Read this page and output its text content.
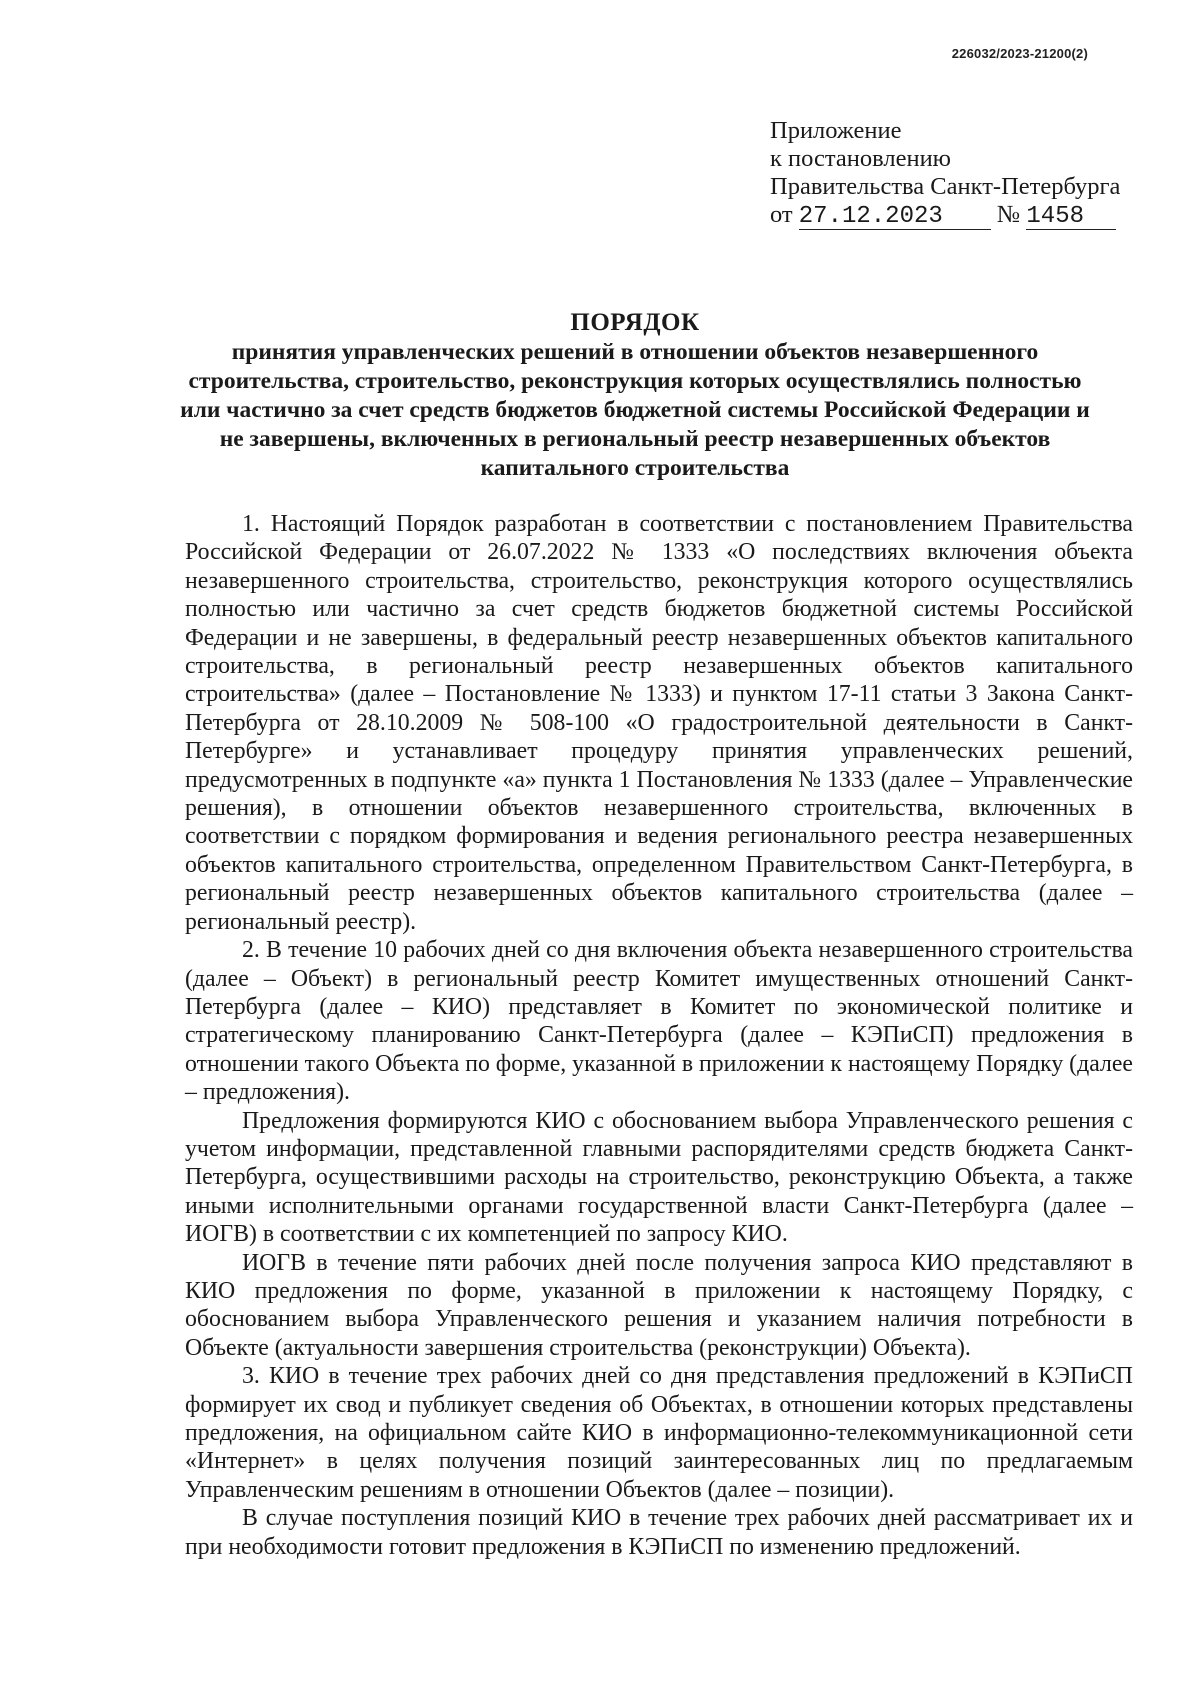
226032/2023-21200(2)
Приложение
к постановлению
Правительства Санкт-Петербурга
от 27.12.2023 № 1458
ПОРЯДОК
принятия управленческих решений в отношении объектов незавершенного строительства, строительство, реконструкция которых осуществлялись полностью или частично за счет средств бюджетов бюджетной системы Российской Федерации и не завершены, включенных в региональный реестр незавершенных объектов капитального строительства

1. Настоящий Порядок разработан в соответствии с постановлением Правительства Российской Федерации от 26.07.2022 № 1333 «О последствиях включения объекта незавершенного строительства, строительство, реконструкция которого осуществлялись полностью или частично за счет средств бюджетов бюджетной системы Российской Федерации и не завершены, в федеральный реестр незавершенных объектов капитального строительства, в региональный реестр незавершенных объектов капитального строительства» (далее – Постановление № 1333) и пунктом 17-11 статьи 3 Закона Санкт-Петербурга от 28.10.2009 № 508-100 «О градостроительной деятельности в Санкт-Петербурге» и устанавливает процедуру принятия управленческих решений, предусмотренных в подпункте «а» пункта 1 Постановления № 1333 (далее – Управленческие решения), в отношении объектов незавершенного строительства, включенных в соответствии с порядком формирования и ведения регионального реестра незавершенных объектов капитального строительства, определенном Правительством Санкт-Петербурга, в региональный реестр незавершенных объектов капитального строительства (далее – региональный реестр).

2. В течение 10 рабочих дней со дня включения объекта незавершенного строительства (далее – Объект) в региональный реестр Комитет имущественных отношений Санкт-Петербурга (далее – КИО) представляет в Комитет по экономической политике и стратегическому планированию Санкт-Петербурга (далее – КЭПиСП) предложения в отношении такого Объекта по форме, указанной в приложении к настоящему Порядку (далее – предложения).

Предложения формируются КИО с обоснованием выбора Управленческого решения с учетом информации, представленной главными распорядителями средств бюджета Санкт-Петербурга, осуществившими расходы на строительство, реконструкцию Объекта, а также иными исполнительными органами государственной власти Санкт-Петербурга (далее – ИОГВ) в соответствии с их компетенцией по запросу КИО.

ИОГВ в течение пяти рабочих дней после получения запроса КИО представляют в КИО предложения по форме, указанной в приложении к настоящему Порядку, с обоснованием выбора Управленческого решения и указанием наличия потребности в Объекте (актуальности завершения строительства (реконструкции) Объекта).

3. КИО в течение трех рабочих дней со дня представления предложений в КЭПиСП формирует их свод и публикует сведения об Объектах, в отношении которых представлены предложения, на официальном сайте КИО в информационно-телекоммуникационной сети «Интернет» в целях получения позиций заинтересованных лиц по предлагаемым Управленческим решениям в отношении Объектов (далее – позиции).

В случае поступления позиций КИО в течение трех рабочих дней рассматривает их и при необходимости готовит предложения в КЭПиСП по изменению предложений.
